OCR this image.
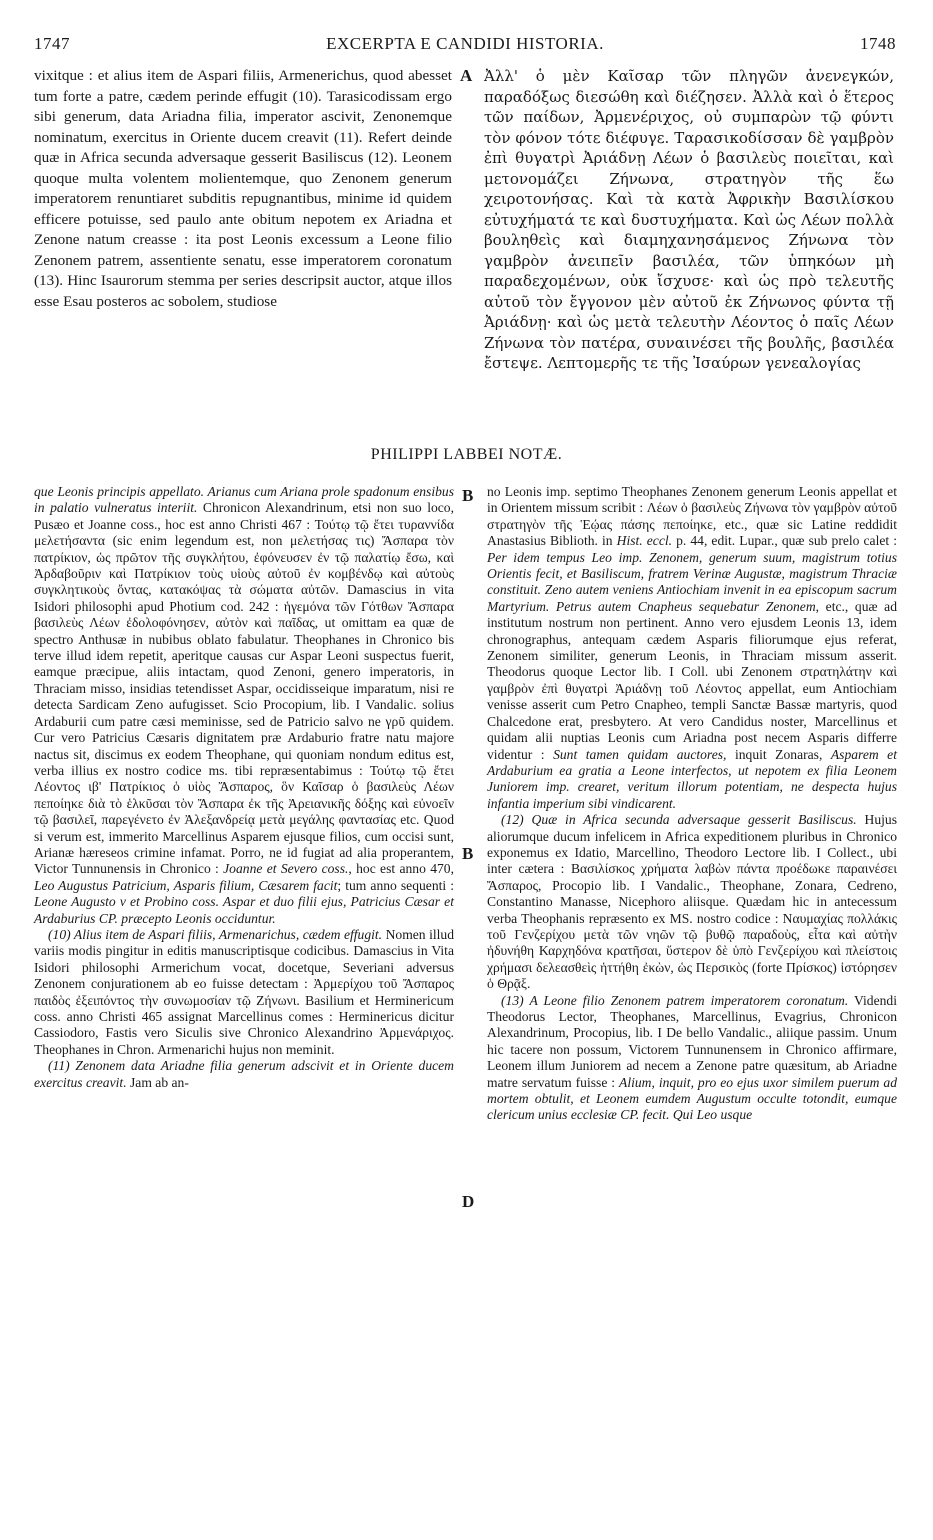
1747	EXCERPTA E CANDIDI HISTORIA.	1748

vixitque : et alius item de Aspari filiis, Armenerichus, quod abesset tum forte a patre, cædem perinde effugit (10). Tarasicodissam ergo sibi generum, data Ariadna filia, imperator ascivit, Zenonemque nominatum, exercitus in Oriente ducem creavit (11). Refert deinde quæ in Africa secunda adversaque gesserit Basiliscus (12). Leonem quoque multa volentem molientemque, quo Zenonem generum imperatorem renuntiaret subditis repugnantibus, minime id quidem efficere potuisse, sed paulo ante obitum nepotem ex Ariadna et Zenone natum creasse : ita post Leonis excessum a Leone filio Zenonem patrem, assentiente senatu, esse imperatorem coronatum (13). Hinc Isaurorum stemma per series descripsit auctor, atque illos esse Esau posteros ac sobolem, studiose

A Ἀλλ' ὁ μὲν Καῖσαρ τῶν πληγῶν ἀνενεγκών, παραδόξως διεσώθη καὶ διέζησεν. Ἀλλὰ καὶ ὁ ἕτερος τῶν παίδων, Ἀρμενέριχος, οὐ συμπαρὼν τῷ φύντι τὸν φόνον τότε διέφυγε. Ταρασικοδίσσαν δὲ γαμβρὸν ἐπὶ θυγατρὶ Ἀριάδνῃ Λέων ὁ βασιλεὺς ποιεῖται, καὶ μετονομάζει Ζήνωνα, στρατηγὸν τῆς ἕω χειροτονήσας. Καὶ τὰ κατὰ Ἀφρικὴν Βασιλίσκου εὐτυχήματά τε καὶ δυστυχήματα. Καὶ ὡς Λέων πολλὰ βουληθεὶς καὶ διαμηχανησάμενος Ζήνωνα τὸν γαμβρὸν ἀνειπεῖν βασιλέα, τῶν ὑπηκόων μὴ παραδεχομένων, οὐκ ἴσχυσε· καὶ ὡς πρὸ τελευτῆς αὐτοῦ τὸν ἔγγονον μὲν αὐτοῦ ἐκ Ζήνωνος φύντα τῇ Ἀριάδνῃ· καὶ ὡς μετὰ τελευτὴν Λέοντος ὁ παῖς Λέων Ζήνωνα τὸν πατέρα, συναινέσει τῆς βουλῆς, βασιλέα ἔστεψε. Λεπτομερῆς τε τῆς Ἰσαύρων γενεαλογίας

PHILIPPI LABBEI NOTÆ.

que Leonis principis appellato. Arianus cum Ariana prole spadonum ensibus in palatio vulneratus interiit. Chronicon Alexandrinum, etsi non suo loco, Pusæo et Joanne coss., hoc est anno Christi 467 : Τούτῳ τῷ ἔτει τυραννίδα μελετήσαντα (sic enim legendum est, non μελετήσας τις) Ἄσπαρα τὸν πατρίκιον, ὡς πρῶτον τῆς συγκλήτου, ἐφόνευσεν ἐν τῷ παλατίῳ ἔσω, καὶ Ἀρδαβοῦριν καὶ Πατρίκιον τοὺς υἱοὺς αὐτοῦ ἐν κομβένδῳ καὶ αὐτοὺς συγκλητικοὺς ὄντας, κατακόψας τὰ σώματα αὐτῶν. Damascius in vita Isidori philosophi apud Photium cod. 242 : ἡγεμόνα τῶν Γότθων Ἄσπαρα βασιλεὺς Λέων ἐδολοφόνησεν, αὐτὸν καὶ παῖδας, ut omittam ea quæ de spectro Anthusæ in nubibus oblato fabulatur. Theophanes in Chronico bis terve illud idem repetit, aperitque causas cur Aspar Leoni suspectus fuerit, eamque præcipue, aliis intactam, quod Zenoni, genero imperatoris, in Thraciam misso, insidias tetendisset Aspar, occidisseique imparatum, nisi re detecta Sardicam Zeno aufugisset. Scio Procopium, lib. I Vandalic. solius Ardaburii cum patre cæsi meminisse, sed de Patricio salvo ne γρῦ quidem. Cur vero Patricius Cæsaris dignitatem præ Ardaburio fratre natu majore nactus sit, discimus ex eodem Theophane, qui quoniam nondum editus est, verba illius ex nostro codice ms. tibi repræsentabimus : Τούτῳ τῷ ἔτει Λέοντος ιβ' Πατρίκιος ὁ υἱὸς Ἄσπαρος, ὃν Καῖσαρ ὁ βασιλεὺς Λέων πεποίηκε διὰ τὸ ἑλκῦσαι τὸν Ἄσπαρα ἐκ τῆς Ἀρειανικῆς δόξης καὶ εὐνοεῖν τῷ βασιλεῖ, παρεγένετο ἐν Ἀλεξανδρείᾳ μετὰ μεγάλης φαντασίας etc. Quod si verum est, immerito Marcellinus Asparem ejusque filios, cum occisi sunt, Arianæ hæreseos crimine infamat. Porro, ne id fugiat ad alia properantem, Victor Tunnunensis in Chronico : Joanne et Severo coss., hoc est anno 470, Leo Augustus Patricium, Asparis filium, Cæsarem facit; tum anno sequenti : Leone Augusto v et Probino coss. Aspar et duo filii ejus, Patricius Cæsar et Ardaburius CP. præcepto Leonis occiduntur.

(10) Alius item de Aspari filiis, Armenarichus, cædem effugit. Nomen illud variis modis pingitur in editis manuscriptisque codicibus. Damascius in Vita Isidori philosophi Armerichum vocat, docetque, Severiani adversus Zenonem conjurationem ab eo fuisse detectam : Ἀρμερίχου τοῦ Ἄσπαρος παιδὸς ἐξειπόντος τὴν συνωμοσίαν τῷ Ζήνωνι. Basilium et Herminericum coss. anno Christi 465 assignat Marcellinus comes : Herminericus dicitur Cassiodoro, Fastis vero Siculis sive Chronico Alexandrino Ἀρμενάριχος. Theophanes in Chron. Armenarichi hujus non meminit.

(11) Zenonem data Ariadne filia generum adscivit et in Oriente ducem exercitus creavit. Jam ab an-

B
B
D

no Leonis imp. septimo Theophanes Zenonem generum Leonis appellat et in Orientem missum scribit : Λέων ὁ βασιλεὺς Ζήνωνα τὸν γαμβρὸν αὐτοῦ στρατηγὸν τῆς Ἑῴας πάσης πεποίηκε, etc., quæ sic Latine reddidit Anastasius Biblioth. in Hist. eccl. p. 44, edit. Lupar., quæ sub prelo calet : Per idem tempus Leo imp. Zenonem, generum suum, magistrum totius Orientis fecit, et Basiliscum, fratrem Verinæ Augustæ, magistrum Thraciæ constituit. Zeno autem veniens Antiochiam invenit in ea episcopum sacrum Martyrium. Petrus autem Cnapheus sequebatur Zenonem, etc., quæ ad institutum nostrum non pertinent. Anno vero ejusdem Leonis 13, idem chronographus, antequam cædem Asparis filiorumque ejus referat, Zenonem similiter, generum Leonis, in Thraciam missum asserit. Theodorus quoque Lector lib. I Coll. ubi Zenonem στρατηλάτην καὶ γαμβρὸν ἐπὶ θυγατρὶ Ἀριάδνῃ τοῦ Λέοντος appellat, eum Antiochiam venisse asserit cum Petro Cnapheo, templi Sanctæ Bassæ martyris, quod Chalcedone erat, presbytero. At vero Candidus noster, Marcellinus et quidam alii nuptias Leonis cum Ariadna post necem Asparis differre videntur : Sunt tamen quidam auctores, inquit Zonaras, Asparem et Ardaburium ea gratia a Leone interfectos, ut nepotem ex filia Leonem Juniorem imp. crearet, veritum illorum potentiam, ne despecta hujus infantia imperium sibi vindicarent.

(12) Quæ in Africa secunda adversaque gesserit Basiliscus. Hujus aliorumque ducum infelicem in Africa expeditionem pluribus in Chronico exponemus ex Idatio, Marcellino, Theodoro Lectore lib. I Collect., ubi inter cætera : Βασιλίσκος χρήματα λαβὼν πάντα προέδωκε παραινέσει Ἄσπαρος, Procopio lib. I Vandalic., Theophane, Zonara, Cedreno, Constantino Manasse, Nicephoro aliisque. Quædam hic in antecessum verba Theophanis repræsento ex MS. nostro codice : Ναυμαχίας πολλάκις τοῦ Γενζερίχου μετὰ τῶν νηῶν τῷ βυθῷ παραδοὺς, εἶτα καὶ αὐτὴν ἠδυνήθη Καρχηδόνα κρατῆσαι, ὕστερον δὲ ὑπὸ Γενζερίχου καὶ πλείστοις χρήμασι δελεασθεὶς ἡττήθη ἐκὼν, ὡς Περσικὸς (forte Πρίσκος) ἱστόρησεν ὁ Θρᾷξ.

(13) A Leone filio Zenonem patrem imperatorem coronatum. Videndi Theodorus Lector, Theophanes, Marcellinus, Evagrius, Chronicon Alexandrinum, Procopius, lib. I De bello Vandalic., aliique passim. Unum hic tacere non possum, Victorem Tunnunensem in Chronico affirmare, Leonem illum Juniorem ad necem a Zenone patre quæsitum, ab Ariadne matre servatum fuisse : Alium, inquit, pro eo ejus uxor similem puerum ad mortem obtulit, et Leonem eumdem Augustum occulte totondit, eumque clericum unius ecclesiæ CP. fecit. Qui Leo usque
